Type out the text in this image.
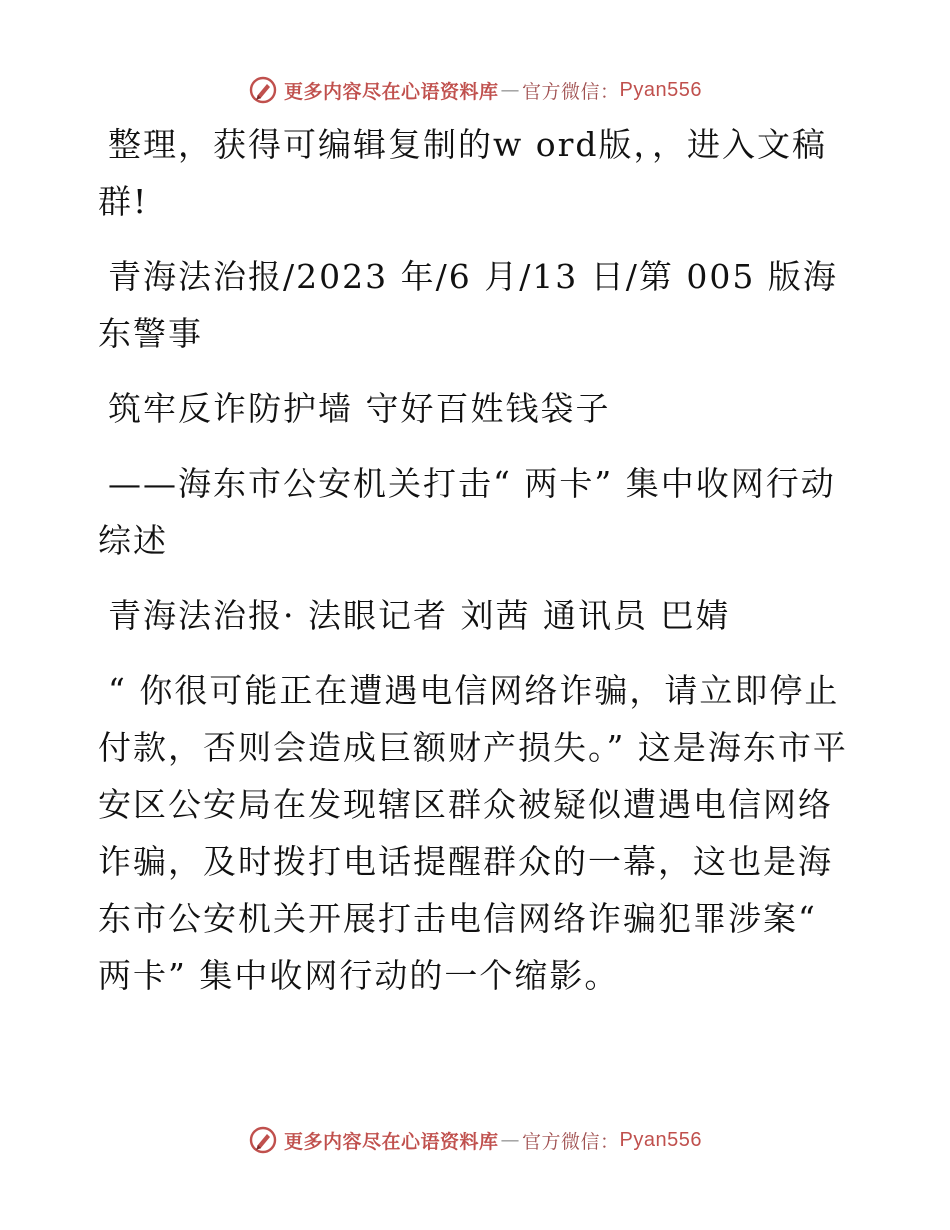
更多内容尽在心语资料库 — 官方微信： Pyan556

整理，获得可编辑复制的w ord版，，进入文稿群!

青海法治报/2023 年/6 月/13 日/第 005 版海东警事

筑牢反诈防护墙 守好百姓钱袋子

——海东市公安机关打击“ 两卡” 集中收网行动综述

青海法治报· 法眼记者 刘茜 通讯员 巴婧

“ 你很可能正在遭遇电信网络诈骗，请立即停止付款，否则会造成巨额财产损失。” 这是海东市平安区公安局在发现辖区群众被疑似遭遇电信网络诈骗，及时拨打电话提醒群众的一幕，这也是海东市公安机关开展打击电信网络诈骗犯罪涉案“ 两卡” 集中收网行动的一个缩影。

更多内容尽在心语资料库 — 官方微信： Pyan556
